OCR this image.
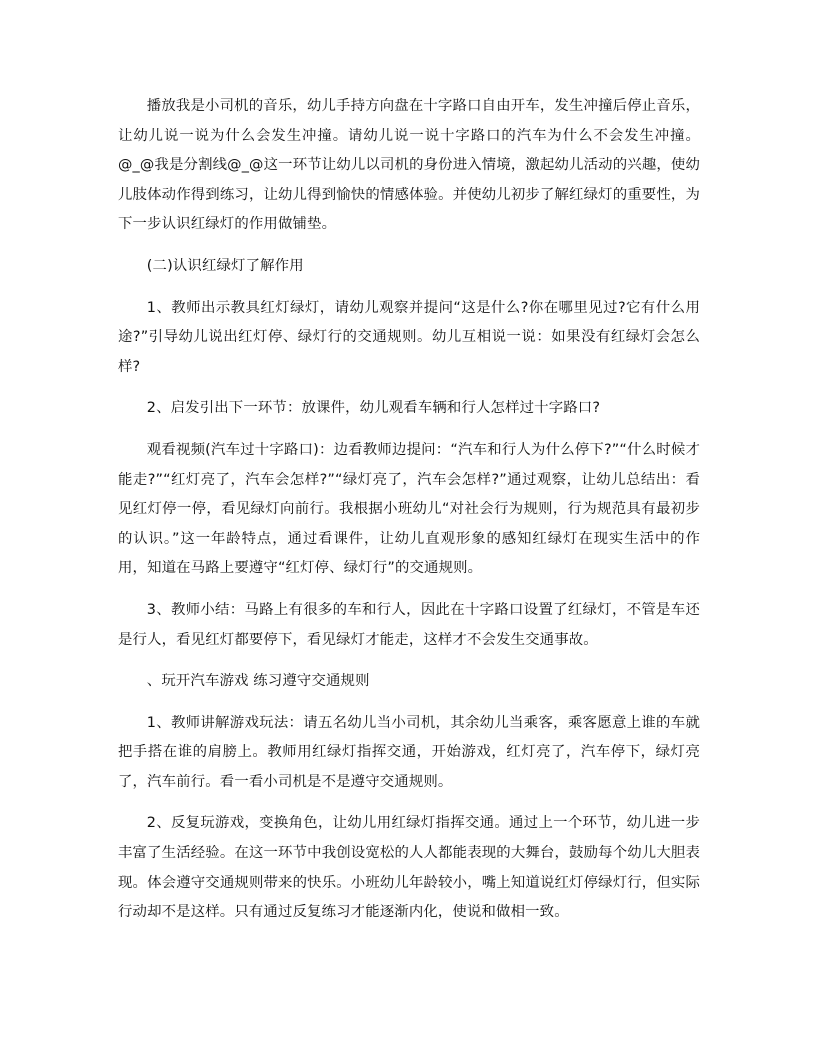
播放我是小司机的音乐，幼儿手持方向盘在十字路口自由开车，发生冲撞后停止音乐，让幼儿说一说为什么会发生冲撞。请幼儿说一说十字路口的汽车为什么不会发生冲撞。@_@我是分割线@_@这一环节让幼儿以司机的身份进入情境，激起幼儿活动的兴趣，使幼儿肢体动作得到练习，让幼儿得到愉快的情感体验。并使幼儿初步了解红绿灯的重要性，为下一步认识红绿灯的作用做铺垫。

(二)认识红绿灯了解作用

1、教师出示教具红灯绿灯，请幼儿观察并提问“这是什么?你在哪里见过?它有什么用途?”引导幼儿说出红灯停、绿灯行的交通规则。幼儿互相说一说：如果没有红绿灯会怎么样?

2、启发引出下一环节：放课件，幼儿观看车辆和行人怎样过十字路口?

观看视频(汽车过十字路口)：边看教师边提问：“汽车和行人为什么停下?”“什么时候才能走?”“红灯亮了，汽车会怎样?”“绿灯亮了，汽车会怎样?”通过观察，让幼儿总结出：看见红灯停一停，看见绿灯向前行。我根据小班幼儿“对社会行为规则，行为规范具有最初步的认识。”这一年龄特点，通过看课件，让幼儿直观形象的感知红绿灯在现实生活中的作用，知道在马路上要遵守“红灯停、绿灯行”的交通规则。

3、教师小结：马路上有很多的车和行人，因此在十字路口设置了红绿灯，不管是车还是行人，看见红灯都要停下，看见绿灯才能走，这样才不会发生交通事故。

、玩开汽车游戏 练习遵守交通规则

1、教师讲解游戏玩法：请五名幼儿当小司机，其余幼儿当乘客，乘客愿意上谁的车就把手搭在谁的肩膀上。教师用红绿灯指挥交通，开始游戏，红灯亮了，汽车停下，绿灯亮了，汽车前行。看一看小司机是不是遵守交通规则。

2、反复玩游戏，变换角色，让幼儿用红绿灯指挥交通。通过上一个环节，幼儿进一步丰富了生活经验。在这一环节中我创设宽松的人人都能表现的大舞台，鼓励每个幼儿大胆表现。体会遵守交通规则带来的快乐。小班幼儿年龄较小，嘴上知道说红灯停绿灯行，但实际行动却不是这样。只有通过反复练习才能逐渐内化，使说和做相一致。
